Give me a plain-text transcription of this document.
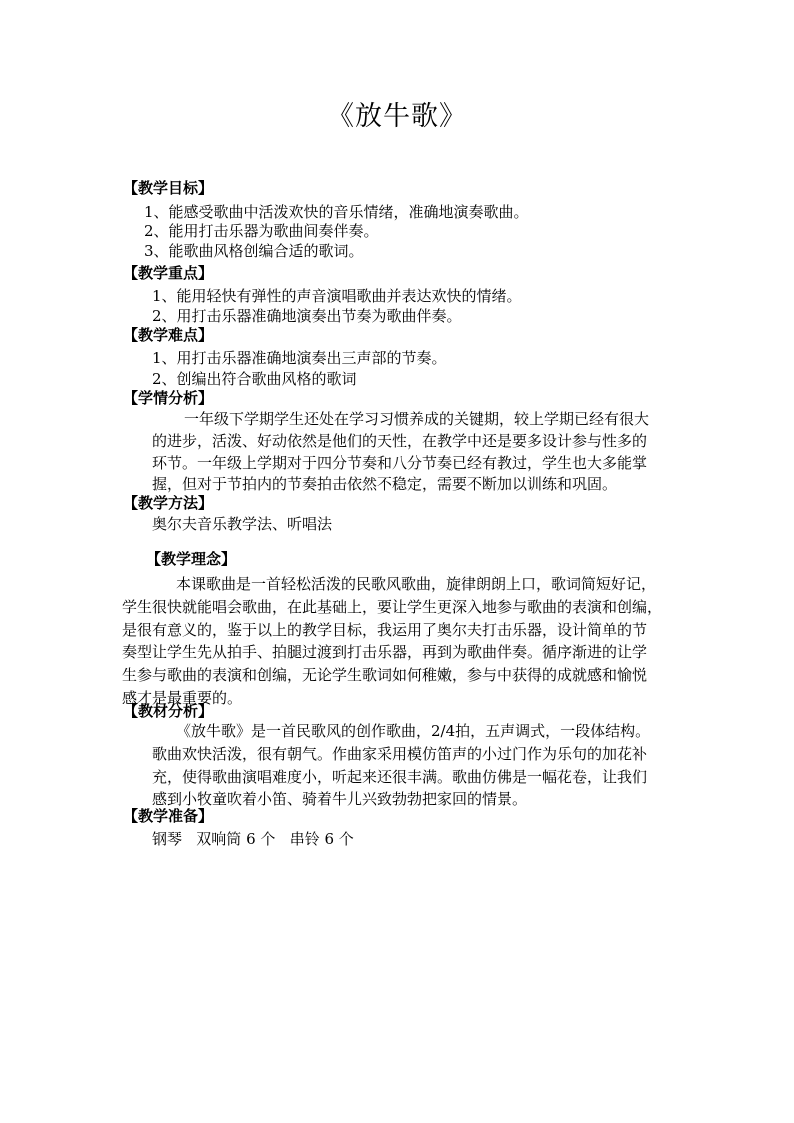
《放牛歌》
【教学目标】
1、能感受歌曲中活泼欢快的音乐情绪，准确地演奏歌曲。
2、能用打击乐器为歌曲间奏伴奏。
3、能歌曲风格创编合适的歌词。
【教学重点】
1、能用轻快有弹性的声音演唱歌曲并表达欢快的情绪。
2、用打击乐器准确地演奏出节奏为歌曲伴奏。
【教学难点】
1、用打击乐器准确地演奏出三声部的节奏。
2、创编出符合歌曲风格的歌词
【学情分析】
一年级下学期学生还处在学习习惯养成的关键期，较上学期已经有很大
的进步，活泼、好动依然是他们的天性，在教学中还是要多设计参与性多的
环节。一年级上学期对于四分节奏和八分节奏已经有教过，学生也大多能掌
握，但对于节拍内的节奏拍击依然不稳定，需要不断加以训练和巩固。
【教学方法】
奥尔夫音乐教学法、听唱法
【教学理念】
本课歌曲是一首轻松活泼的民歌风歌曲，旋律朗朗上口，歌词简短好记，
学生很快就能唱会歌曲，在此基础上，要让学生更深入地参与歌曲的表演和创编，
是很有意义的，鉴于以上的教学目标，我运用了奥尔夫打击乐器，设计简单的节
奏型让学生先从拍手、拍腿过渡到打击乐器，再到为歌曲伴奏。循序渐进的让学
生参与歌曲的表演和创编，无论学生歌词如何稚嫩，参与中获得的成就感和愉悦
感才是最重要的。
【教材分析】
《放牛歌》是一首民歌风的创作歌曲，2/4拍，五声调式，一段体结构。
歌曲欢快活泼，很有朝气。作曲家采用模仿笛声的小过门作为乐句的加花补
充，使得歌曲演唱难度小，听起来还很丰满。歌曲仿佛是一幅花卷，让我们
感到小牧童吹着小笛、骑着牛儿兴致勃勃把家回的情景。
【教学准备】
钢琴   双响筒 6 个   串铃 6 个
